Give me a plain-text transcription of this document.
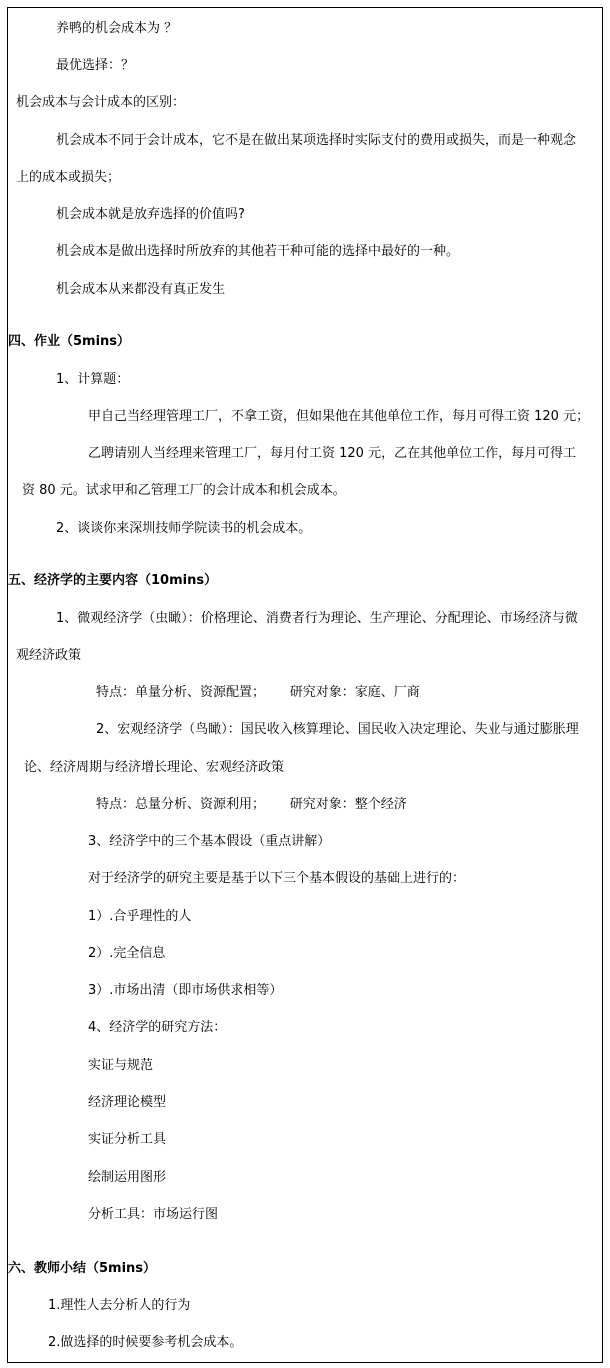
养鸭的机会成本为 ？
最优选择：？
机会成本与会计成本的区别：
机会成本不同于会计成本，它不是在做出某项选择时实际支付的费用或损失，而是一种观念
上的成本或损失；
机会成本就是放弃选择的价值吗?
机会成本是做出选择时所放弃的其他若干种可能的选择中最好的一种。
机会成本从来都没有真正发生
四、作业（5mins）
1、计算题：
甲自己当经理管理工厂，不拿工资，但如果他在其他单位工作，每月可得工资 120 元；
乙聘请别人当经理来管理工厂，每月付工资 120 元，乙在其他单位工作，每月可得工
资 80 元。试求甲和乙管理工厂的会计成本和机会成本。
2、谈谈你来深圳技师学院读书的机会成本。
五、经济学的主要内容（10mins）
1、微观经济学（虫瞰）：价格理论、消费者行为理论、生产理论、分配理论、市场经济与微
观经济政策
特点：单量分析、资源配置；      研究对象：家庭、厂商
2、宏观经济学（鸟瞰）：国民收入核算理论、国民收入决定理论、失业与通过膨胀理
论、经济周期与经济增长理论、宏观经济政策
特点：总量分析、资源利用；      研究对象：整个经济
3、经济学中的三个基本假设（重点讲解）
对于经济学的研究主要是基于以下三个基本假设的基础上进行的：
1）.合乎理性的人
2）.完全信息
3）.市场出清（即市场供求相等）
4、经济学的研究方法：
实证与规范
经济理论模型
实证分析工具
绘制运用图形
分析工具：市场运行图
六、教师小结（5mins）
1.理性人去分析人的行为
2.做选择的时候要参考机会成本。
